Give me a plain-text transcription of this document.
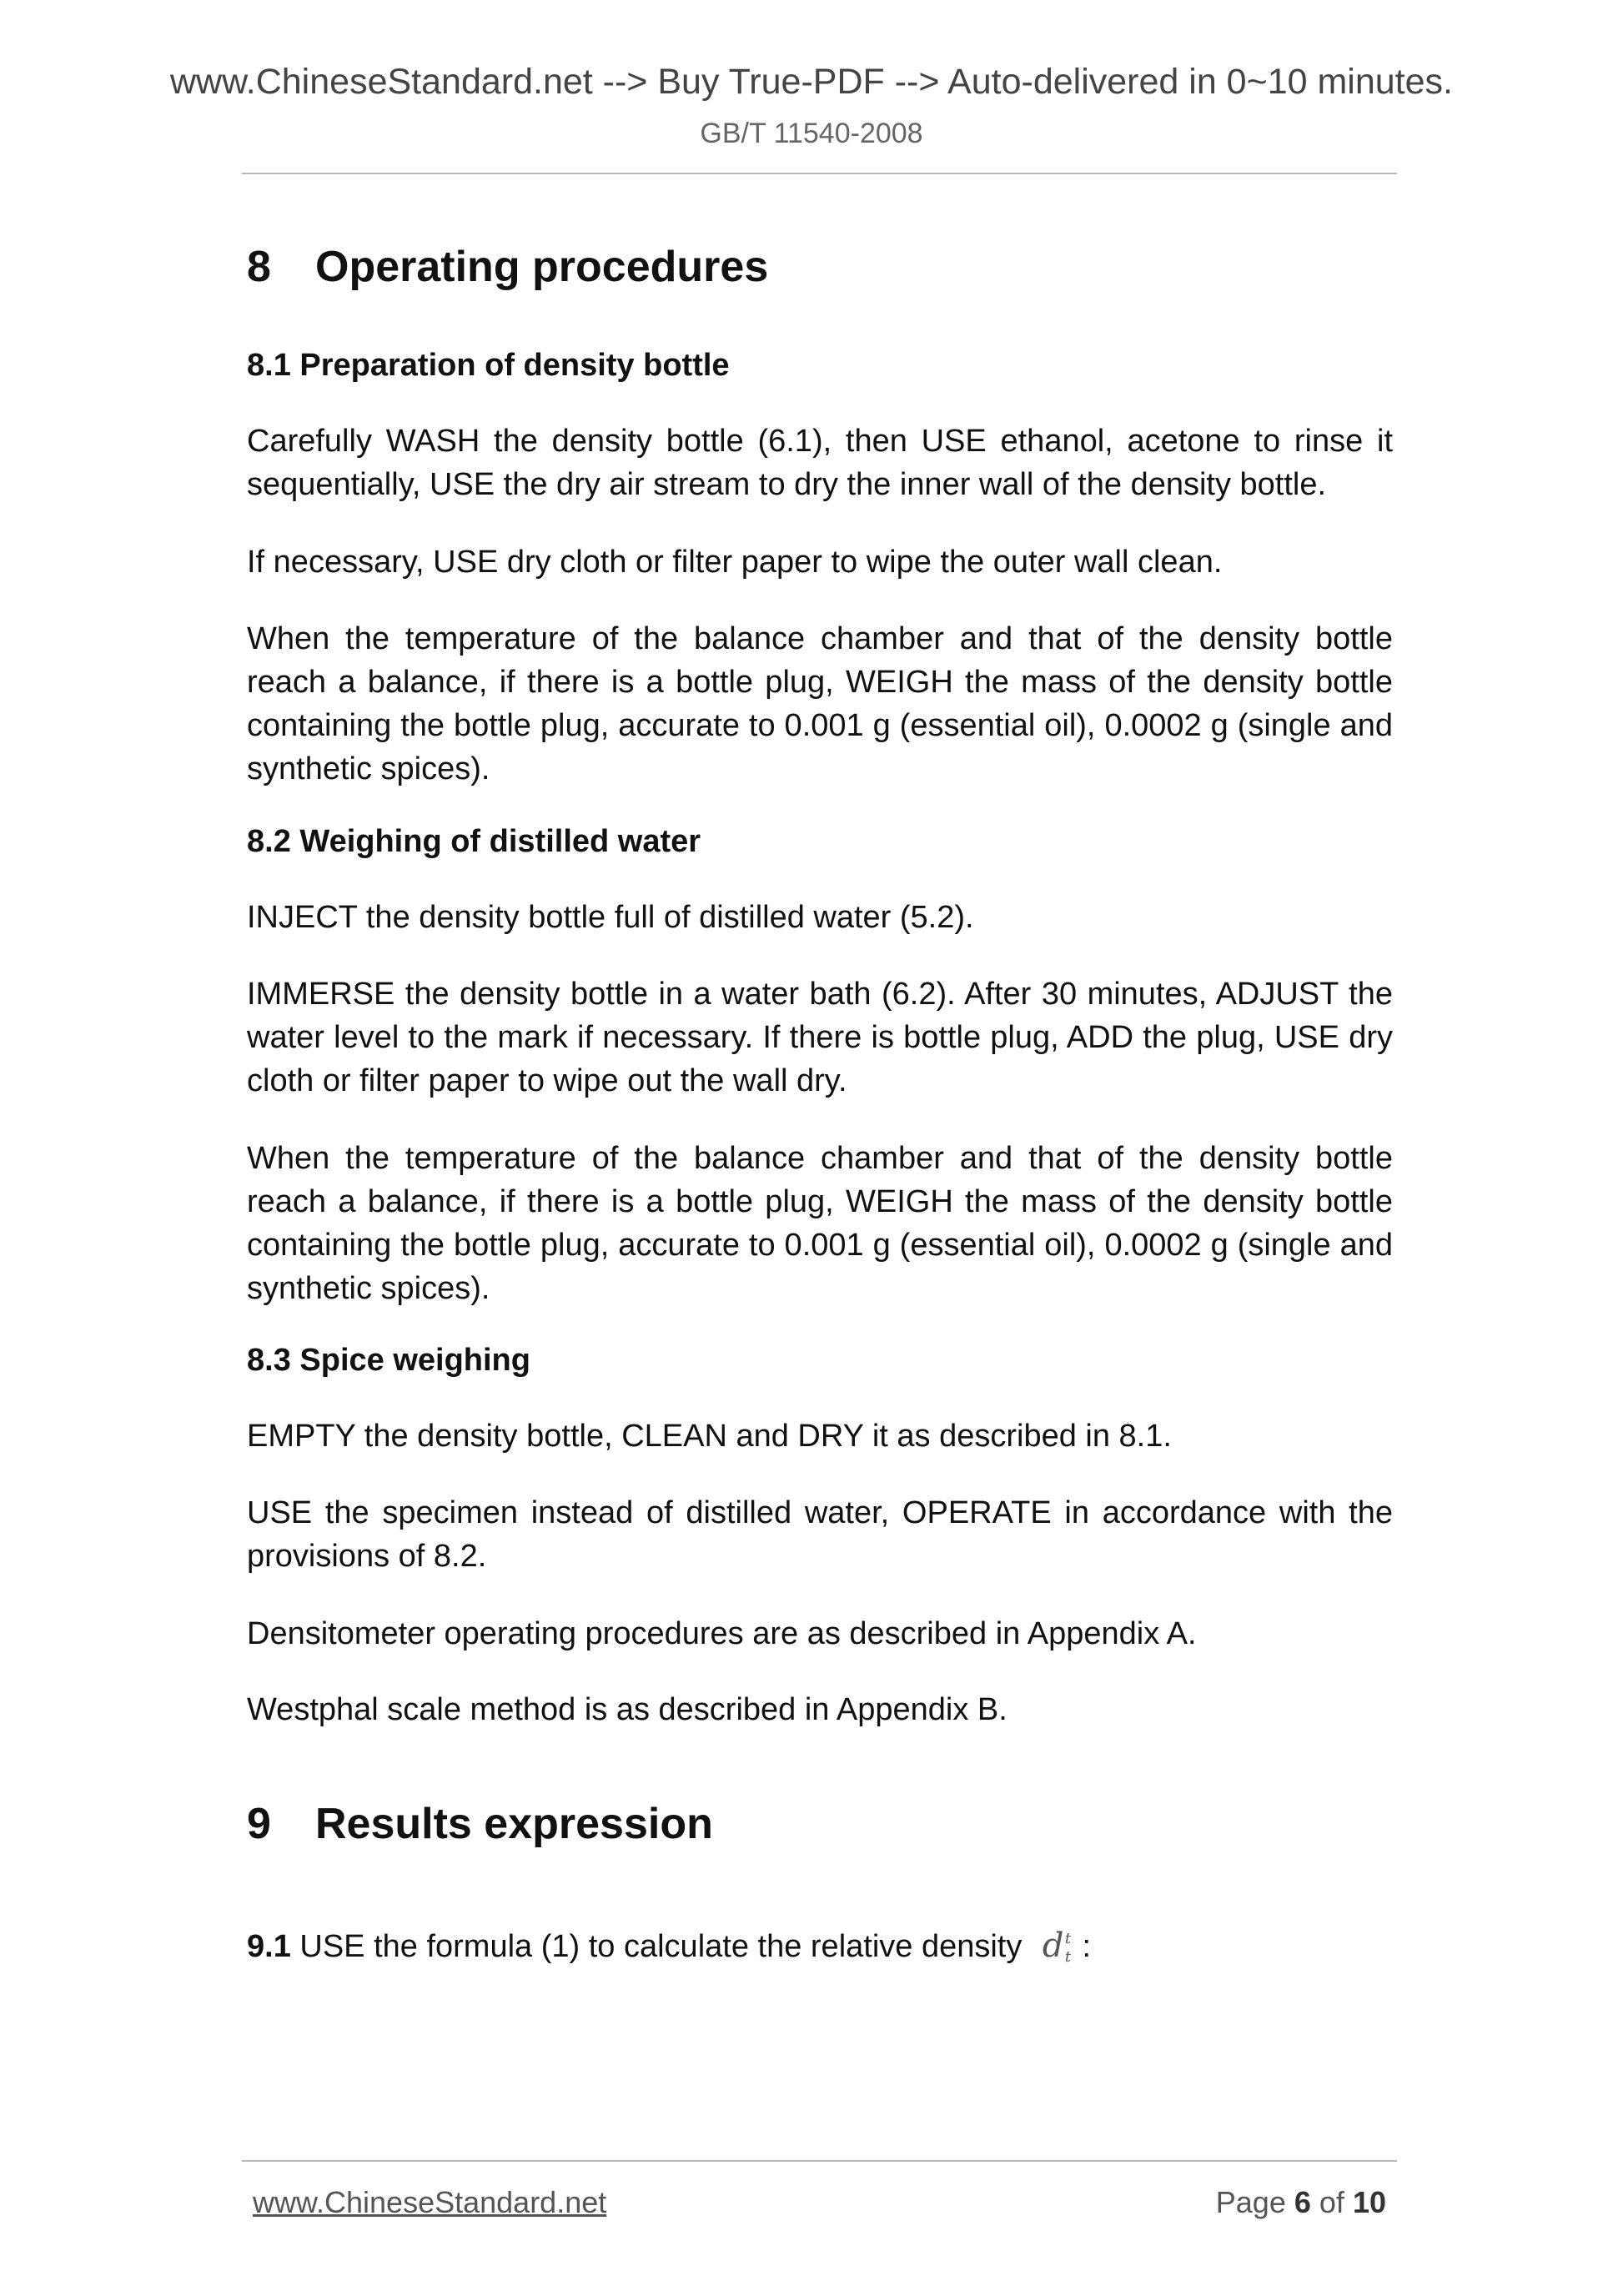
www.ChineseStandard.net --> Buy True-PDF --> Auto-delivered in 0~10 minutes.
GB/T 11540-2008
8 Operating procedures
8.1 Preparation of density bottle
Carefully WASH the density bottle (6.1), then USE ethanol, acetone to rinse it sequentially, USE the dry air stream to dry the inner wall of the density bottle.
If necessary, USE dry cloth or filter paper to wipe the outer wall clean.
When the temperature of the balance chamber and that of the density bottle reach a balance, if there is a bottle plug, WEIGH the mass of the density bottle containing the bottle plug, accurate to 0.001 g (essential oil), 0.0002 g (single and synthetic spices).
8.2 Weighing of distilled water
INJECT the density bottle full of distilled water (5.2).
IMMERSE the density bottle in a water bath (6.2). After 30 minutes, ADJUST the water level to the mark if necessary. If there is bottle plug, ADD the plug, USE dry cloth or filter paper to wipe out the wall dry.
When the temperature of the balance chamber and that of the density bottle reach a balance, if there is a bottle plug, WEIGH the mass of the density bottle containing the bottle plug, accurate to 0.001 g (essential oil), 0.0002 g (single and synthetic spices).
8.3 Spice weighing
EMPTY the density bottle, CLEAN and DRY it as described in 8.1.
USE the specimen instead of distilled water, OPERATE in accordance with the provisions of 8.2.
Densitometer operating procedures are as described in Appendix A.
Westphal scale method is as described in Appendix B.
9 Results expression
9.1 USE the formula (1) to calculate the relative density d t
t :
www.ChineseStandard.net	Page 6 of 10
